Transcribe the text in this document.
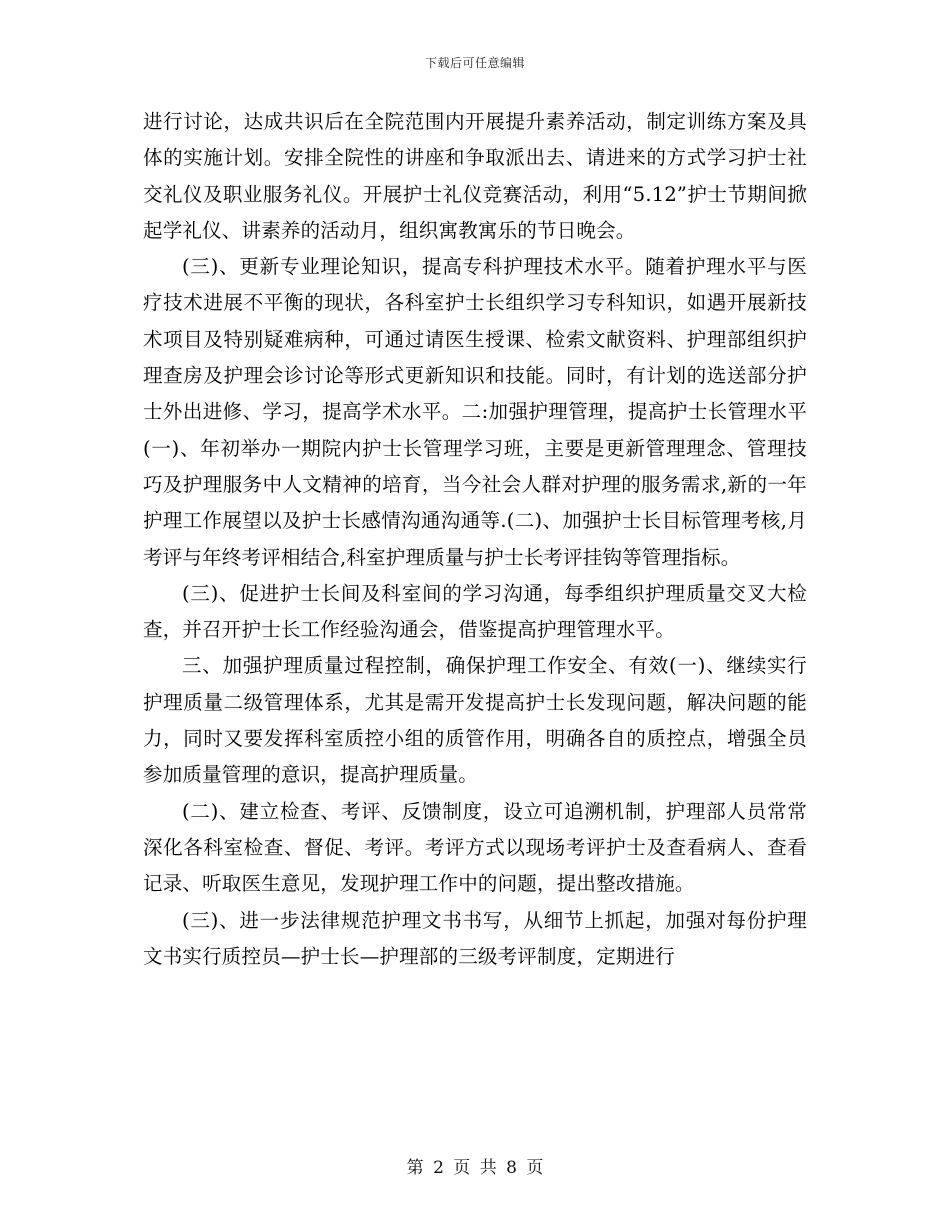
下载后可任意编辑

进行讨论，达成共识后在全院范围内开展提升素养活动，制定训练方案及具体的实施计划。安排全院性的讲座和争取派出去、请进来的方式学习护士社交礼仪及职业服务礼仪。开展护士礼仪竞赛活动，利用“5.12”护士节期间掀起学礼仪、讲素养的活动月，组织寓教寓乐的节日晚会。

(三)、更新专业理论知识，提高专科护理技术水平。随着护理水平与医疗技术进展不平衡的现状，各科室护士长组织学习专科知识，如遇开展新技术项目及特别疑难病种，可通过请医生授课、检索文献资料、护理部组织护理查房及护理会诊讨论等形式更新知识和技能。同时，有计划的选送部分护士外出进修、学习，提高学术水平。二:加强护理管理，提高护士长管理水平(一)、年初举办一期院内护士长管理学习班，主要是更新管理理念、管理技巧及护理服务中人文精神的培育，当今社会人群对护理的服务需求,新的一年护理工作展望以及护士长感情沟通沟通等.(二)、加强护士长目标管理考核,月考评与年终考评相结合,科室护理质量与护士长考评挂钩等管理指标。

(三)、促进护士长间及科室间的学习沟通，每季组织护理质量交叉大检查，并召开护士长工作经验沟通会，借鉴提高护理管理水平。

三、加强护理质量过程控制，确保护理工作安全、有效(一)、继续实行护理质量二级管理体系，尤其是需开发提高护士长发现问题，解决问题的能力，同时又要发挥科室质控小组的质管作用，明确各自的质控点，增强全员参加质量管理的意识，提高护理质量。

(二)、建立检查、考评、反馈制度，设立可追溯机制，护理部人员常常深化各科室检查、督促、考评。考评方式以现场考评护士及查看病人、查看记录、听取医生意见，发现护理工作中的问题，提出整改措施。

(三)、进一步法律规范护理文书书写，从细节上抓起，加强对每份护理文书实行质控员—护士长—护理部的三级考评制度，定期进行

第 2 页 共 8 页
